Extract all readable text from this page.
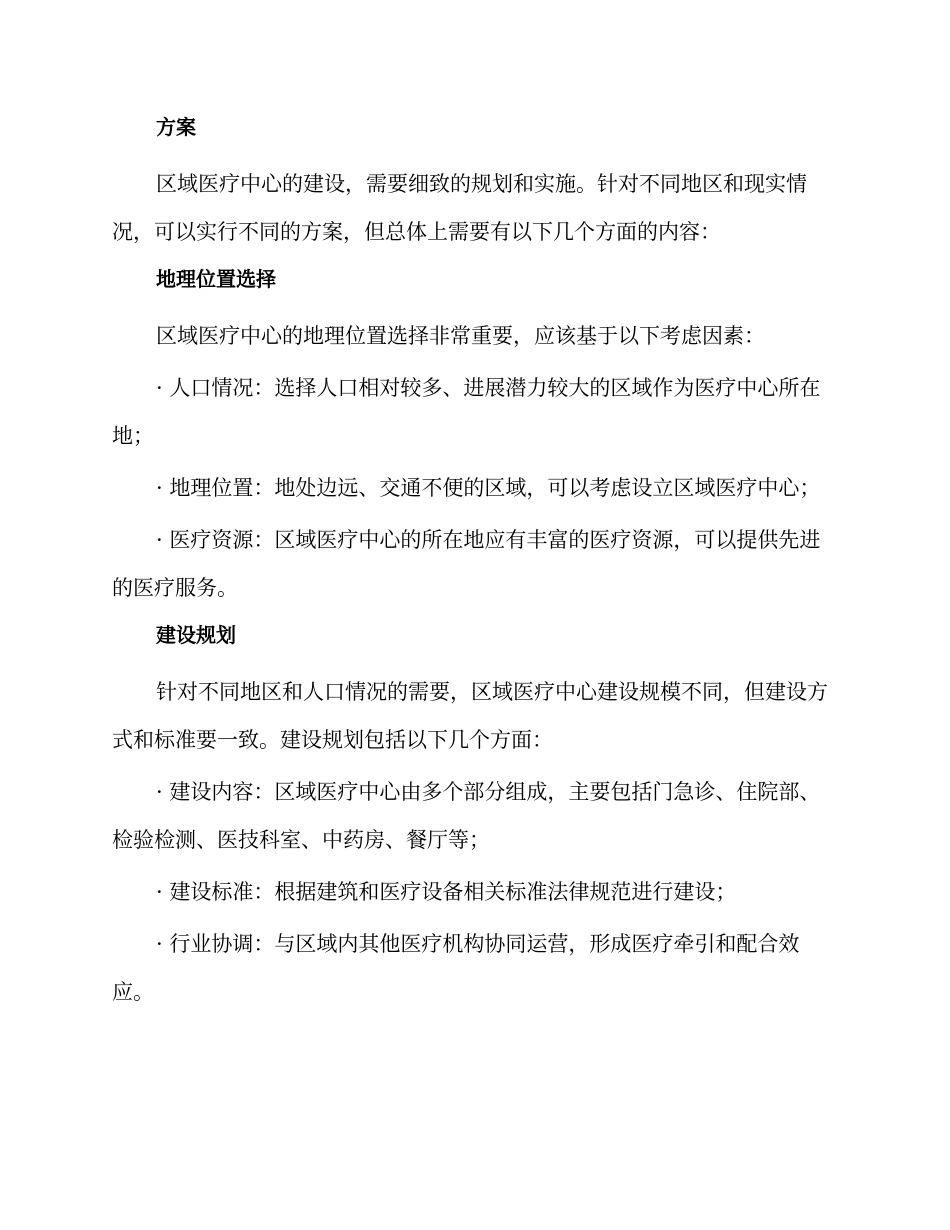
方案

区域医疗中心的建设，需要细致的规划和实施。针对不同地区和现实情况，可以实行不同的方案，但总体上需要有以下几个方面的内容：

地理位置选择

区域医疗中心的地理位置选择非常重要，应该基于以下考虑因素：

· 人口情况：选择人口相对较多、进展潜力较大的区域作为医疗中心所在地；

· 地理位置：地处边远、交通不便的区域，可以考虑设立区域医疗中心；

· 医疗资源：区域医疗中心的所在地应有丰富的医疗资源，可以提供先进的医疗服务。

建设规划

针对不同地区和人口情况的需要，区域医疗中心建设规模不同，但建设方式和标准要一致。建设规划包括以下几个方面：

· 建设内容：区域医疗中心由多个部分组成，主要包括门急诊、住院部、检验检测、医技科室、中药房、餐厅等；

· 建设标准：根据建筑和医疗设备相关标准法律规范进行建设；

· 行业协调：与区域内其他医疗机构协同运营，形成医疗牵引和配合效应。
